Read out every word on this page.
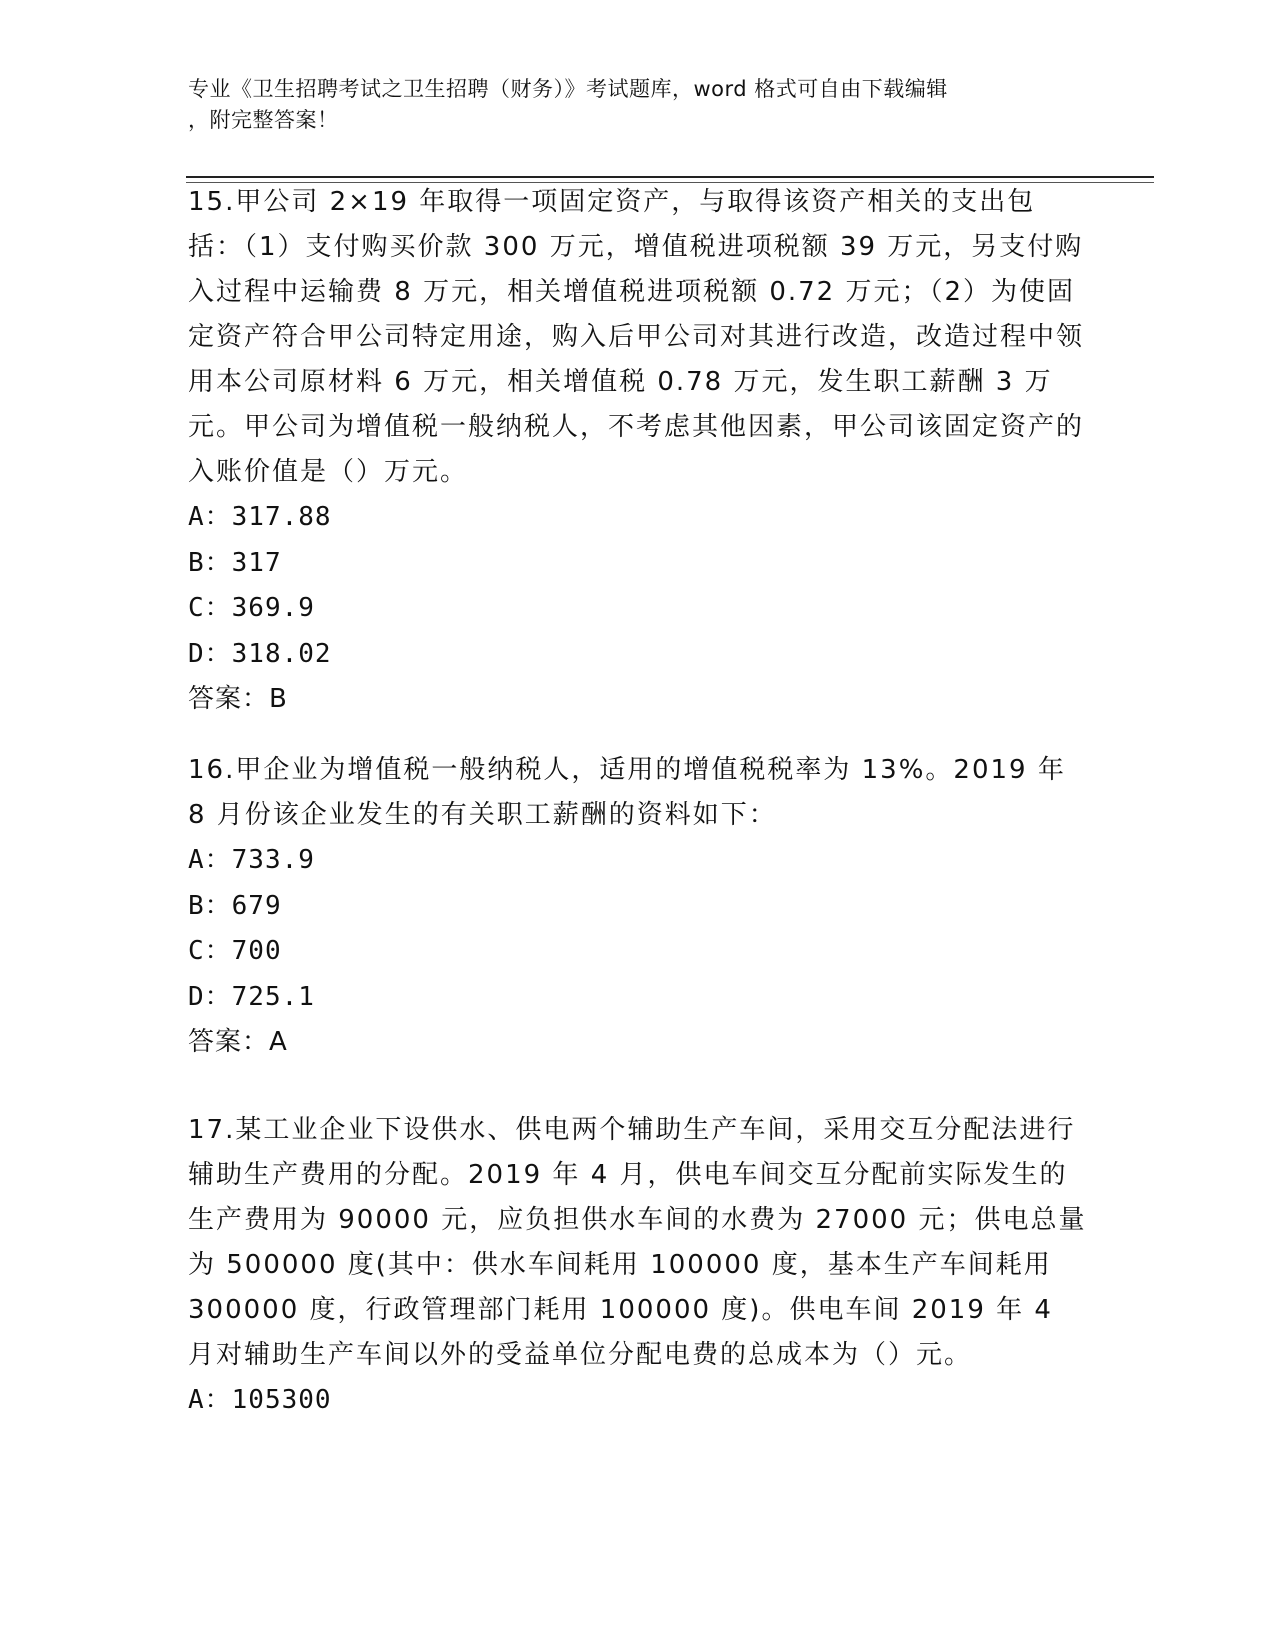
专业《卫生招聘考试之卫生招聘（财务）》考试题库，word 格式可自由下载编辑
，附完整答案！

15.甲公司 2×19 年取得一项固定资产，与取得该资产相关的支出包括：（1）支付购买价款 300 万元，增值税进项税额 39 万元，另支付购入过程中运输费 8 万元，相关增值税进项税额 0.72 万元；（2）为使固定资产符合甲公司特定用途，购入后甲公司对其进行改造，改造过程中领用本公司原材料 6 万元，相关增值税 0.78 万元，发生职工薪酬 3 万元。甲公司为增值税一般纳税人，不考虑其他因素，甲公司该固定资产的入账价值是（）万元。

A：317.88

B：317

C：369.9

D：318.02

答案：B

16.甲企业为增值税一般纳税人，适用的增值税税率为 13%。2019 年 8 月份该企业发生的有关职工薪酬的资料如下：

A：733.9

B：679

C：700

D：725.1

答案：A

17.某工业企业下设供水、供电两个辅助生产车间，采用交互分配法进行辅助生产费用的分配。2019 年 4 月，供电车间交互分配前实际发生的生产费用为 90000 元，应负担供水车间的水费为 27000 元；供电总量为 500000 度(其中：供水车间耗用 100000 度，基本生产车间耗用 300000 度，行政管理部门耗用 100000 度)。供电车间 2019 年 4 月对辅助生产车间以外的受益单位分配电费的总成本为（）元。

A：105300
